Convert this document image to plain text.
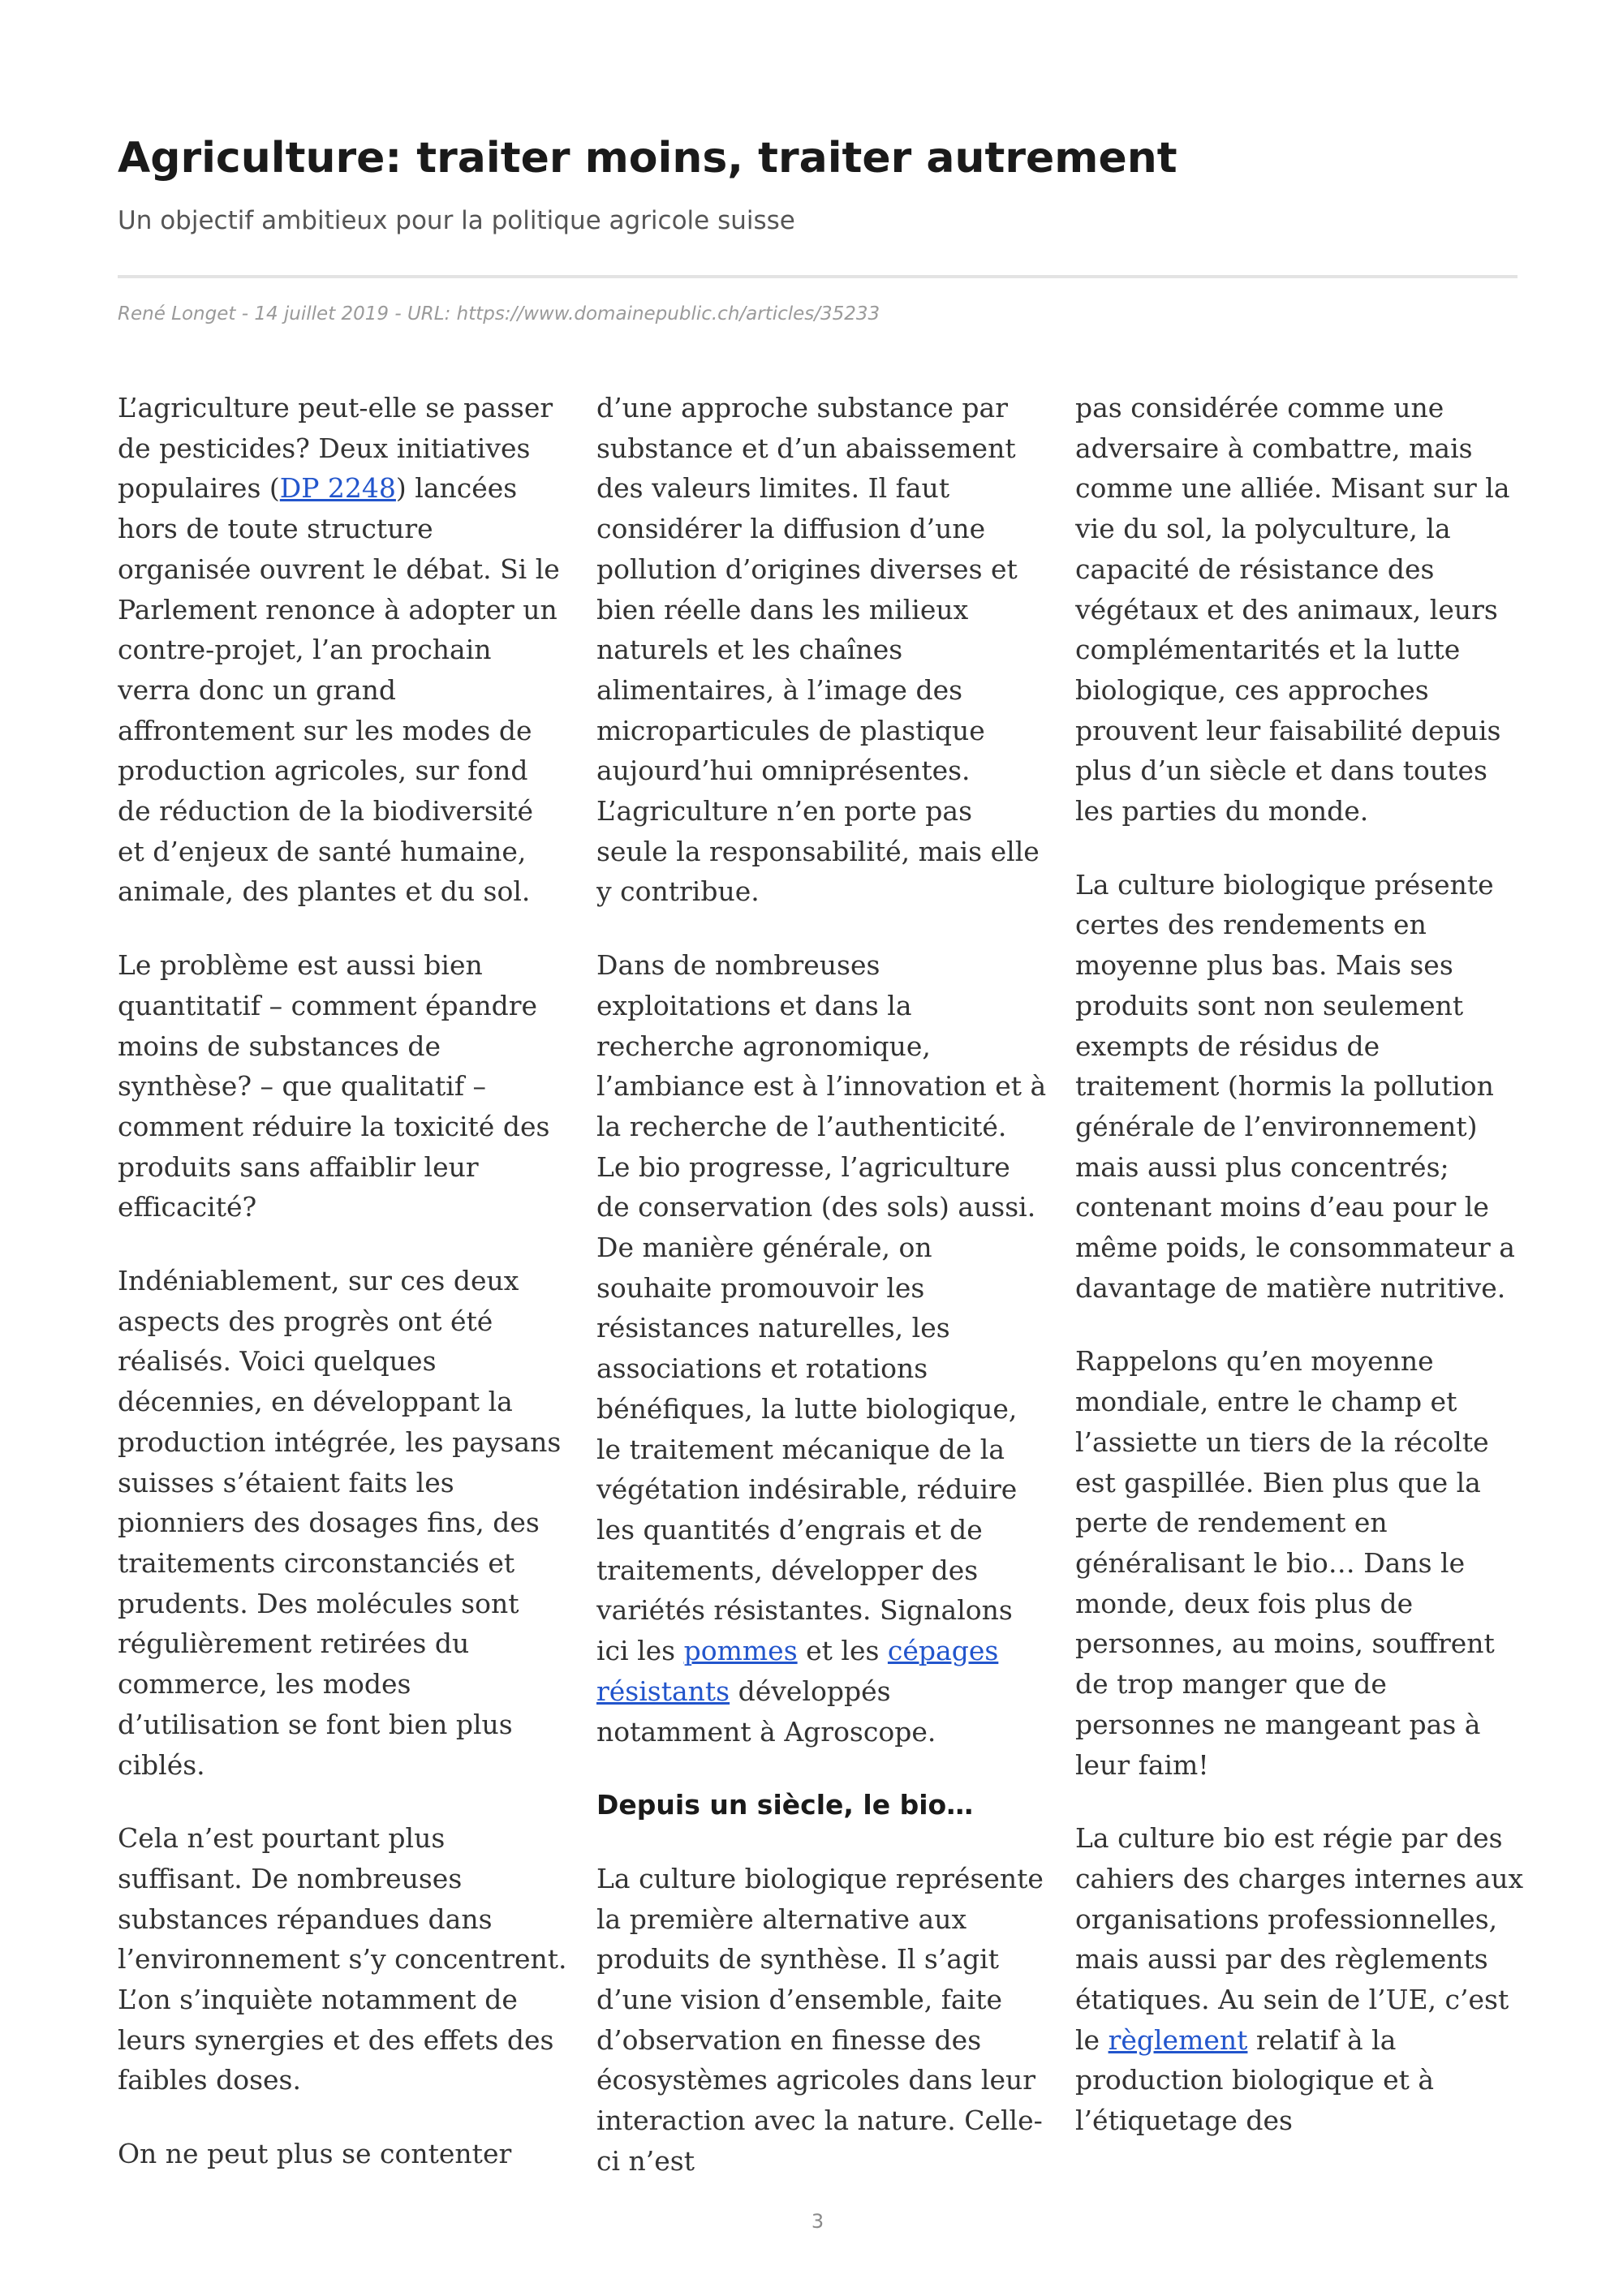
Agriculture: traiter moins, traiter autrement
Un objectif ambitieux pour la politique agricole suisse
René Longet - 14 juillet 2019 - URL: https://www.domainepublic.ch/articles/35233

L’agriculture peut-elle se passer de pesticides? Deux initiatives populaires (DP 2248) lancées hors de toute structure organisée ouvrent le débat. Si le Parlement renonce à adopter un contre-projet, l’an prochain verra donc un grand affrontement sur les modes de production agricoles, sur fond de réduction de la biodiversité et d’enjeux de santé humaine, animale, des plantes et du sol.

Le problème est aussi bien quantitatif – comment épandre moins de substances de synthèse? – que qualitatif – comment réduire la toxicité des produits sans affaiblir leur efficacité?

Indéniablement, sur ces deux aspects des progrès ont été réalisés. Voici quelques décennies, en développant la production intégrée, les paysans suisses s’étaient faits les pionniers des dosages fins, des traitements circonstanciés et prudents. Des molécules sont régulièrement retirées du commerce, les modes d’utilisation se font bien plus ciblés.

Cela n’est pourtant plus suffisant. De nombreuses substances répandues dans l’environnement s’y concentrent. L’on s’inquiète notamment de leurs synergies et des effets des faibles doses.

On ne peut plus se contenter

d’une approche substance par substance et d’un abaissement des valeurs limites. Il faut considérer la diffusion d’une pollution d’origines diverses et bien réelle dans les milieux naturels et les chaînes alimentaires, à l’image des microparticules de plastique aujourd’hui omniprésentes. L’agriculture n’en porte pas seule la responsabilité, mais elle y contribue.

Dans de nombreuses exploitations et dans la recherche agronomique, l’ambiance est à l’innovation et à la recherche de l’authenticité. Le bio progresse, l’agriculture de conservation (des sols) aussi. De manière générale, on souhaite promouvoir les résistances naturelles, les associations et rotations bénéfiques, la lutte biologique, le traitement mécanique de la végétation indésirable, réduire les quantités d’engrais et de traitements, développer des variétés résistantes. Signalons ici les pommes et les cépages résistants développés notamment à Agroscope.

Depuis un siècle, le bio…

La culture biologique représente la première alternative aux produits de synthèse. Il s’agit d’une vision d’ensemble, faite d’observation en finesse des écosystèmes agricoles dans leur interaction avec la nature. Celle-ci n’est

pas considérée comme une adversaire à combattre, mais comme une alliée. Misant sur la vie du sol, la polyculture, la capacité de résistance des végétaux et des animaux, leurs complémentarités et la lutte biologique, ces approches prouvent leur faisabilité depuis plus d’un siècle et dans toutes les parties du monde.

La culture biologique présente certes des rendements en moyenne plus bas. Mais ses produits sont non seulement exempts de résidus de traitement (hormis la pollution générale de l’environnement) mais aussi plus concentrés; contenant moins d’eau pour le même poids, le consommateur a davantage de matière nutritive.

Rappelons qu’en moyenne mondiale, entre le champ et l’assiette un tiers de la récolte est gaspillée. Bien plus que la perte de rendement en généralisant le bio… Dans le monde, deux fois plus de personnes, au moins, souffrent de trop manger que de personnes ne mangeant pas à leur faim!

La culture bio est régie par des cahiers des charges internes aux organisations professionnelles, mais aussi par des règlements étatiques. Au sein de l’UE, c’est le règlement relatif à la production biologique et à l’étiquetage des

3
